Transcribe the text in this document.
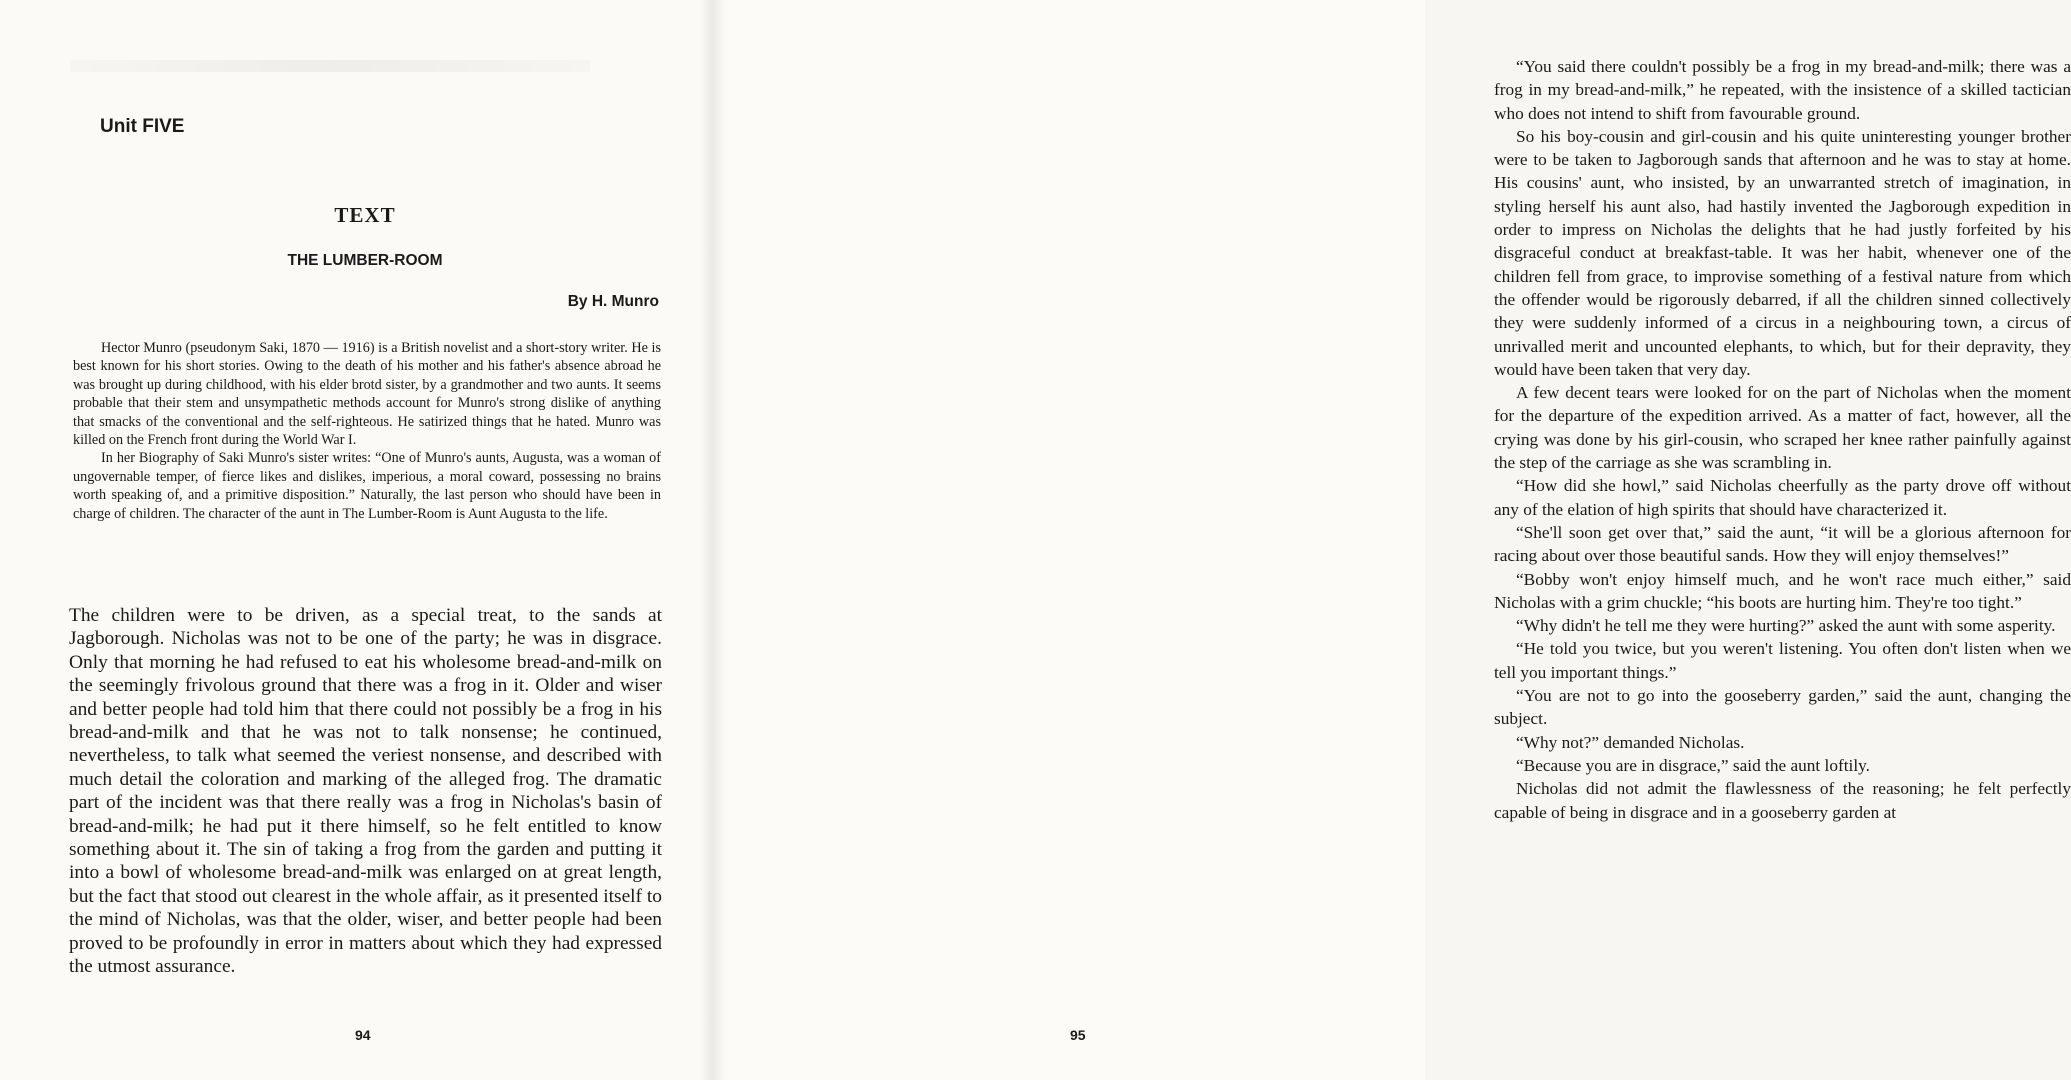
Unit FIVE
TEXT
THE LUMBER-ROOM
By H. Munro

Hector Munro (pseudonym Saki, 1870 — 1916) is a British novelist and a short-story writer. He is best known for his short stories. Owing to the death of his mother and his father's absence abroad he was brought up during childhood, with his elder brotd sister, by a grandmother and two aunts. It seems probable that their stem and unsympathetic methods account for Munro's strong dislike of anything that smacks of the conventional and the self-righteous. He satirized things that he hated. Munro was killed on the French front during the World War I.

In her Biography of Saki Munro's sister writes: “One of Munro's aunts, Augusta, was a woman of ungovernable temper, of fierce likes and dislikes, imperious, a moral coward, possessing no brains worth speaking of, and a primitive disposition.” Naturally, the last person who should have been in charge of children. The character of the aunt in The Lumber-Room is Aunt Augusta to the life.

The children were to be driven, as a special treat, to the sands at Jagborough. Nicholas was not to be one of the party; he was in disgrace. Only that morning he had refused to eat his wholesome bread-and-milk on the seemingly frivolous ground that there was a frog in it. Older and wiser and better people had told him that there could not possibly be a frog in his bread-and-milk and that he was not to talk nonsense; he continued, nevertheless, to talk what seemed the veriest nonsense, and described with much detail the coloration and marking of the alleged frog. The dramatic part of the incident was that there really was a frog in Nicholas's basin of bread-and-milk; he had put it there himself, so he felt entitled to know something about it. The sin of taking a frog from the garden and putting it into a bowl of wholesome bread-and-milk was enlarged on at great length, but the fact that stood out clearest in the whole affair, as it presented itself to the mind of Nicholas, was that the older, wiser, and better people had been proved to be profoundly in error in matters about which they had expressed the utmost assurance.

94

“You said there couldn't possibly be a frog in my bread-and-milk; there was a frog in my bread-and-milk,” he repeated, with the insistence of a skilled tactician who does not intend to shift from favourable ground.

So his boy-cousin and girl-cousin and his quite uninteresting younger brother were to be taken to Jagborough sands that afternoon and he was to stay at home. His cousins' aunt, who insisted, by an unwarranted stretch of imagination, in styling herself his aunt also, had hastily invented the Jagborough expedition in order to impress on Nicholas the delights that he had justly forfeited by his disgraceful conduct at breakfast-table. It was her habit, whenever one of the children fell from grace, to improvise something of a festival nature from which the offender would be rigorously debarred, if all the children sinned collectively they were suddenly informed of a circus in a neighbouring town, a circus of unrivalled merit and uncounted elephants, to which, but for their depravity, they would have been taken that very day.

A few decent tears were looked for on the part of Nicholas when the moment for the departure of the expedition arrived. As a matter of fact, however, all the crying was done by his girl-cousin, who scraped her knee rather painfully against the step of the carriage as she was scrambling in.

“How did she howl,” said Nicholas cheerfully as the party drove off without any of the elation of high spirits that should have characterized it.

“She'll soon get over that,” said the aunt, “it will be a glorious afternoon for racing about over those beautiful sands. How they will enjoy themselves!”

“Bobby won't enjoy himself much, and he won't race much either,” said Nicholas with a grim chuckle; “his boots are hurting him. They're too tight.”

“Why didn't he tell me they were hurting?” asked the aunt with some asperity.

“He told you twice, but you weren't listening. You often don't listen when we tell you important things.”

“You are not to go into the gooseberry garden,” said the aunt, changing the subject.

“Why not?” demanded Nicholas.

“Because you are in disgrace,” said the aunt loftily.

Nicholas did not admit the flawlessness of the reasoning; he felt perfectly capable of being in disgrace and in a gooseberry garden at

95
